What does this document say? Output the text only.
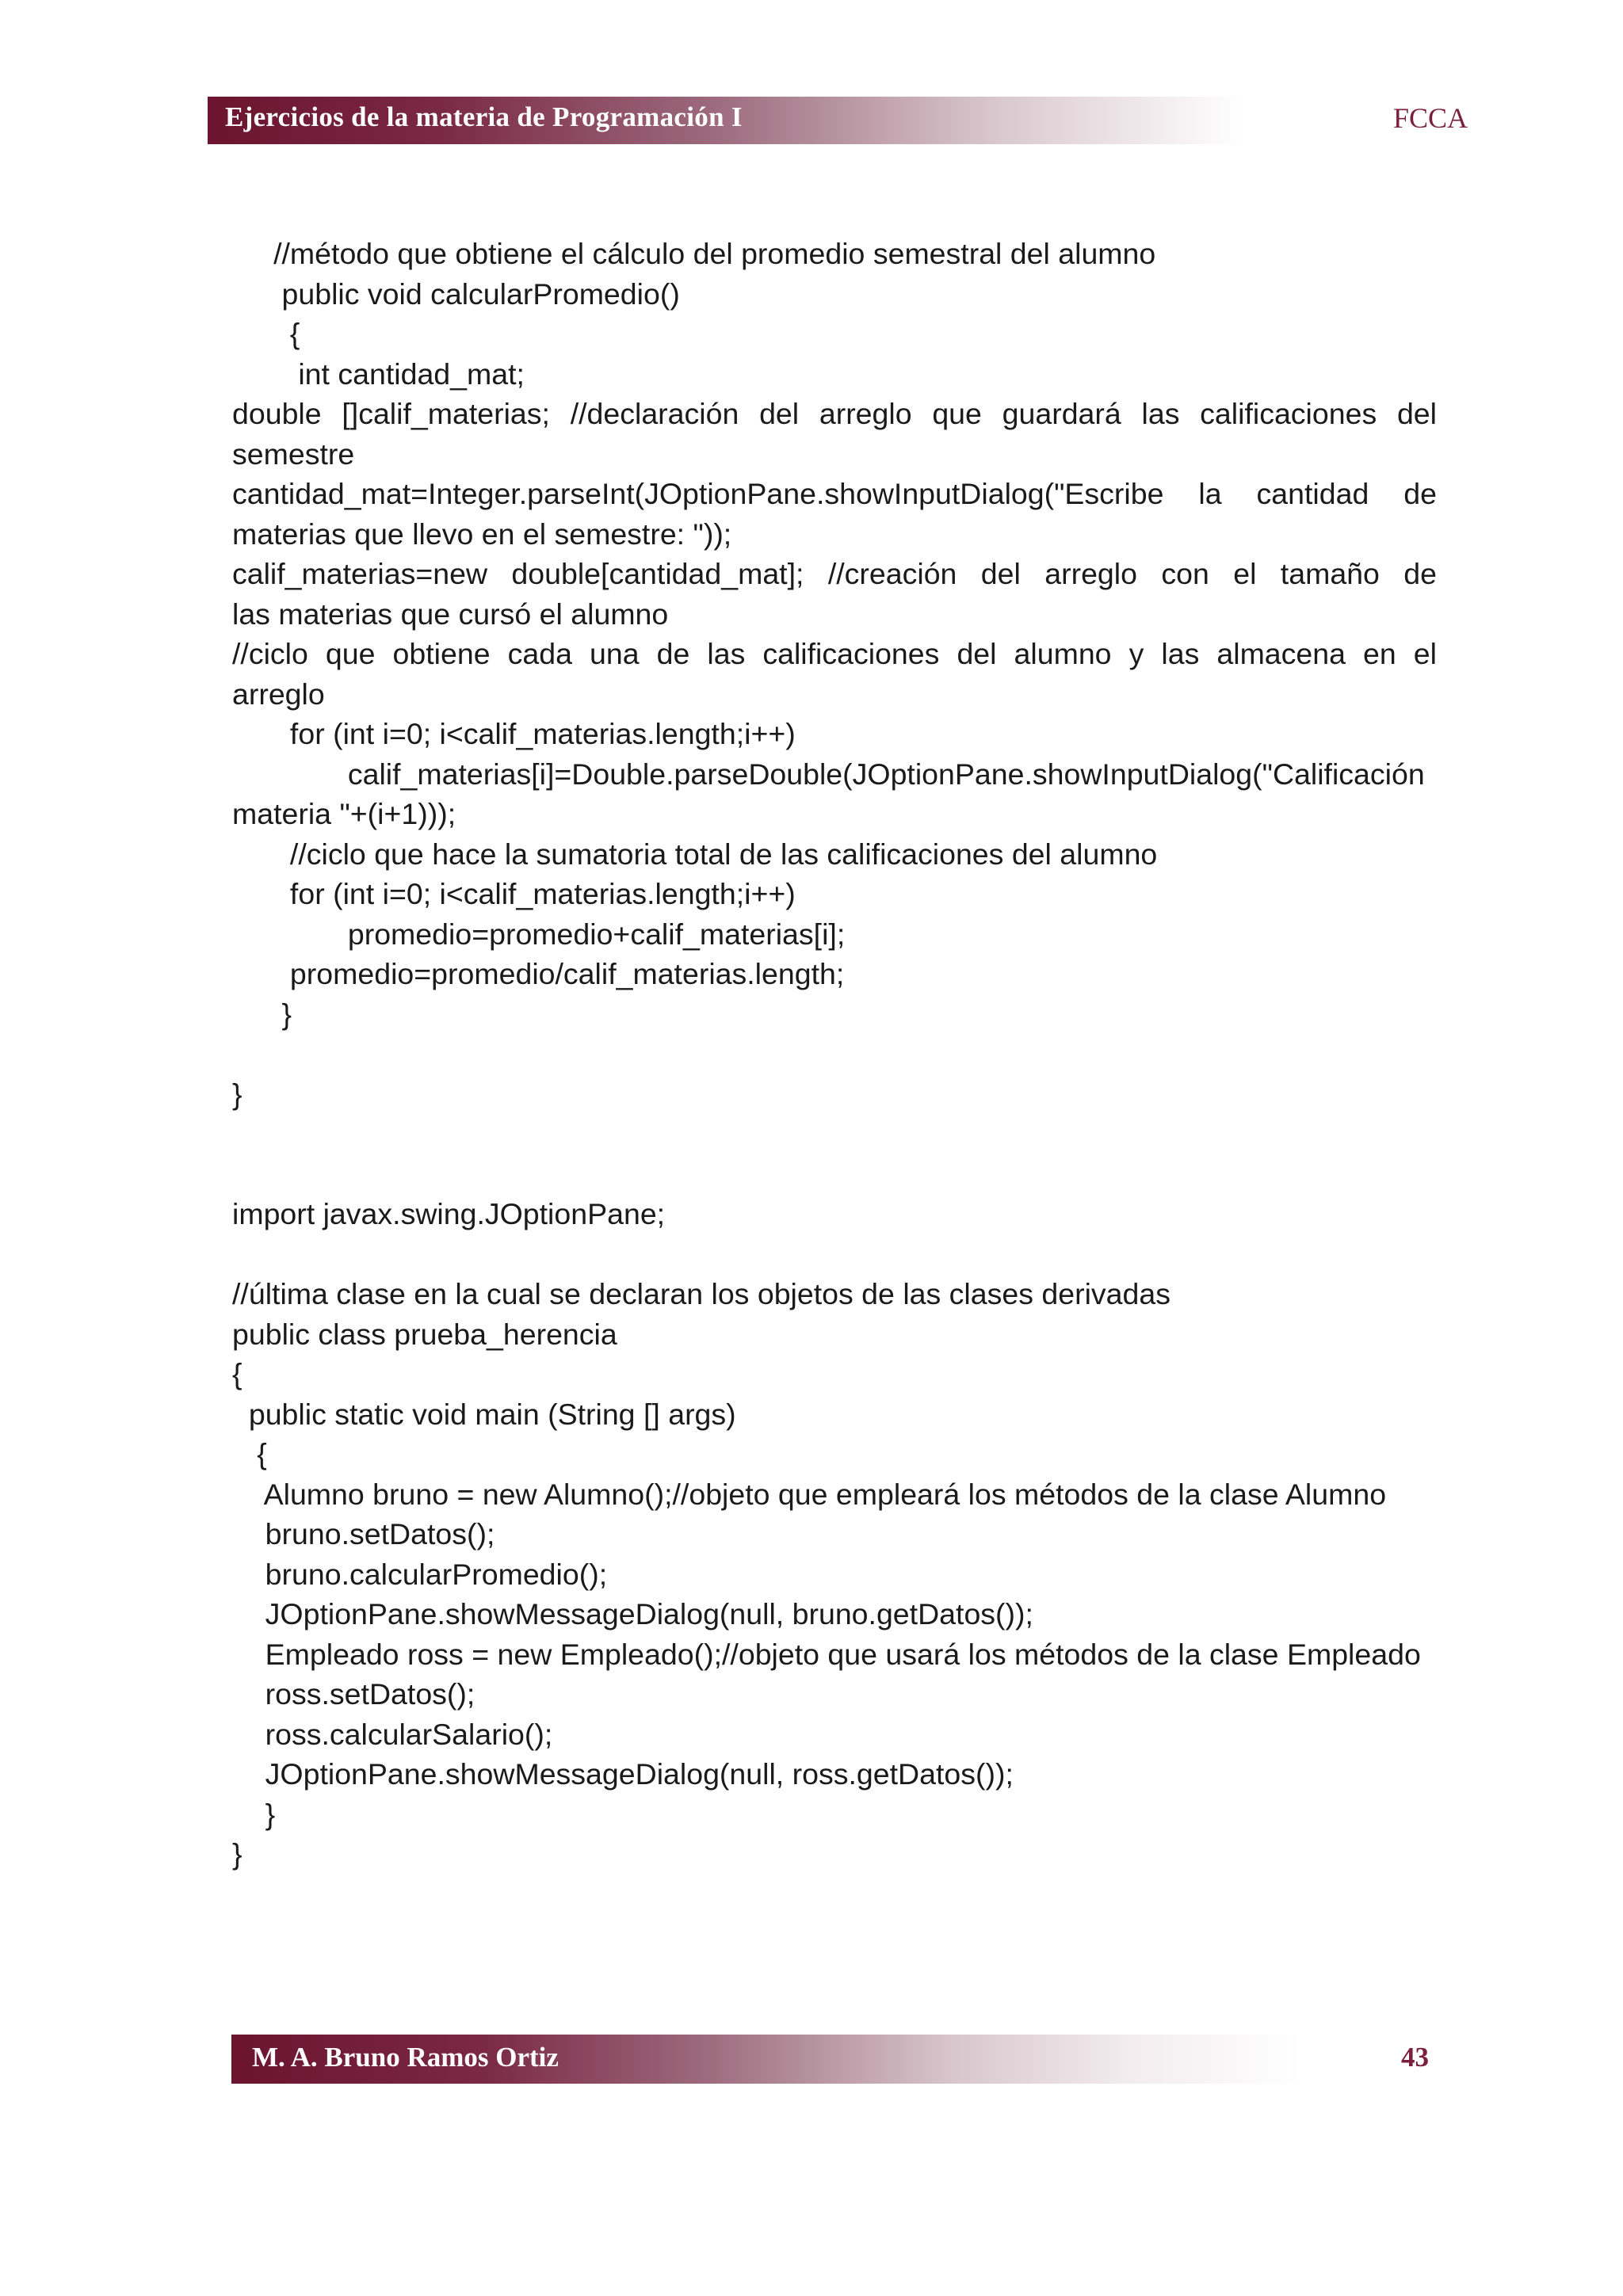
Ejercicios de la materia de Programación I	FCCA
//método que obtiene el cálculo del promedio semestral del alumno
public void calcularPromedio()
{
int cantidad_mat;
double []calif_materias; //declaración del arreglo que guardará las calificaciones del
semestre
cantidad_mat=Integer.parseInt(JOptionPane.showInputDialog("Escribe la cantidad de
materias que llevo en el semestre: "));
calif_materias=new double[cantidad_mat]; //creación del arreglo con el tamaño de
las materias que cursó el alumno
//ciclo que obtiene cada una de las calificaciones del alumno y las almacena en el
arreglo
for (int i=0; i<calif_materias.length;i++)
calif_materias[i]=Double.parseDouble(JOptionPane.showInputDialog("Calificación
materia "+(i+1)));
//ciclo que hace la sumatoria total de las calificaciones del alumno
for (int i=0; i<calif_materias.length;i++)
promedio=promedio+calif_materias[i];
promedio=promedio/calif_materias.length;
}
}
import javax.swing.JOptionPane;
//última clase en la cual se declaran los objetos de las clases derivadas
public class prueba_herencia
{
public static void main (String [] args)
{
Alumno bruno = new Alumno();//objeto que empleará los métodos de la clase Alumno
bruno.setDatos();
bruno.calcularPromedio();
JOptionPane.showMessageDialog(null, bruno.getDatos());
Empleado ross = new Empleado();//objeto que usará los métodos de la clase Empleado
ross.setDatos();
ross.calcularSalario();
JOptionPane.showMessageDialog(null, ross.getDatos());
}
}
M. A. Bruno Ramos Ortiz	43
